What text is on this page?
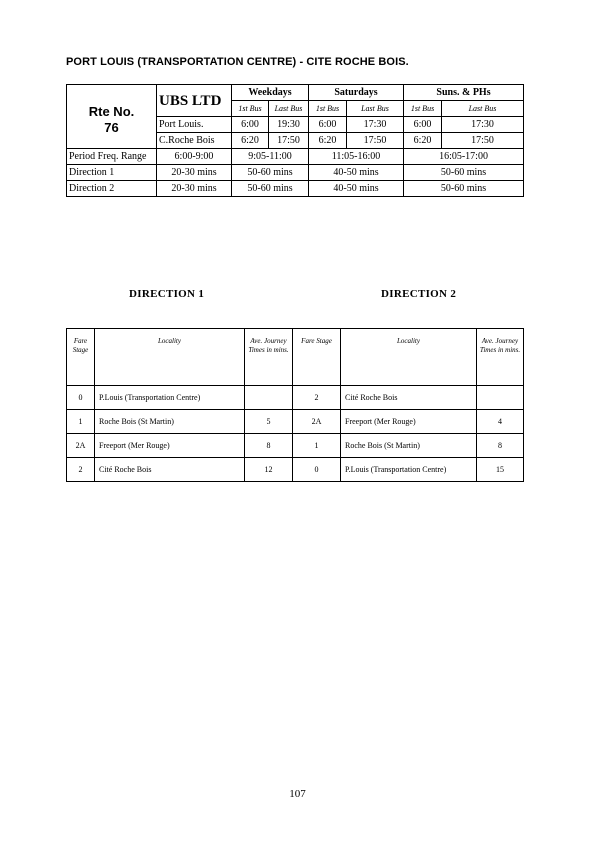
PORT LOUIS (TRANSPORTATION CENTRE) - CITE ROCHE BOIS.
Rte No.
76	UBS LTD	Weekdays		Saturdays		Suns. & PHs	
		1st Bus	Last Bus	1st Bus	Last Bus	1st Bus	Last Bus
	Port Louis.	6:00	19:30	6:00	17:30	6:00	17:30
	C.Roche Bois	6:20	17:50	6:20	17:50	6:20	17:50
Period Freq. Range	6:00-9:00	9:05-11:00		11:05-16:00		16:05-17:00	
Direction 1	20-30 mins	50-60 mins		40-50 mins		50-60 mins	
Direction 2	20-30 mins	50-60 mins		40-50 mins		50-60 mins	
DIRECTION 1	DIRECTION 2
Fare Stage	Locality	Ave. Journey Times in mins.	Fare Stage	Locality	Ave. Journey Times in mins.
0	P.Louis (Transportation Centre)		2	Cité Roche Bois	
1	Roche Bois (St Martin)	5	2A	Freeport (Mer Rouge)	4
2A	Freeport (Mer Rouge)	8	1	Roche Bois (St Martin)	8
2	Cité Roche Bois	12	0	P.Louis (Transportation Centre)	15
107
